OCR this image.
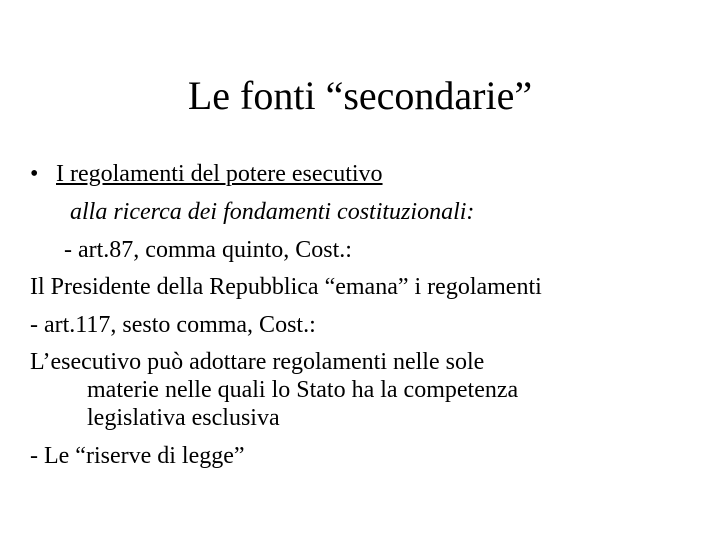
Le fonti “secondarie”
• I regolamenti del potere esecutivo
alla ricerca dei fondamenti costituzionali:
- art.87, comma quinto, Cost.:
Il Presidente della Repubblica “emana” i regolamenti
- art.117, sesto comma, Cost.:
L’esecutivo può adottare regolamenti nelle sole
materie nelle quali lo Stato ha la competenza
legislativa esclusiva
- Le “riserve di legge”
